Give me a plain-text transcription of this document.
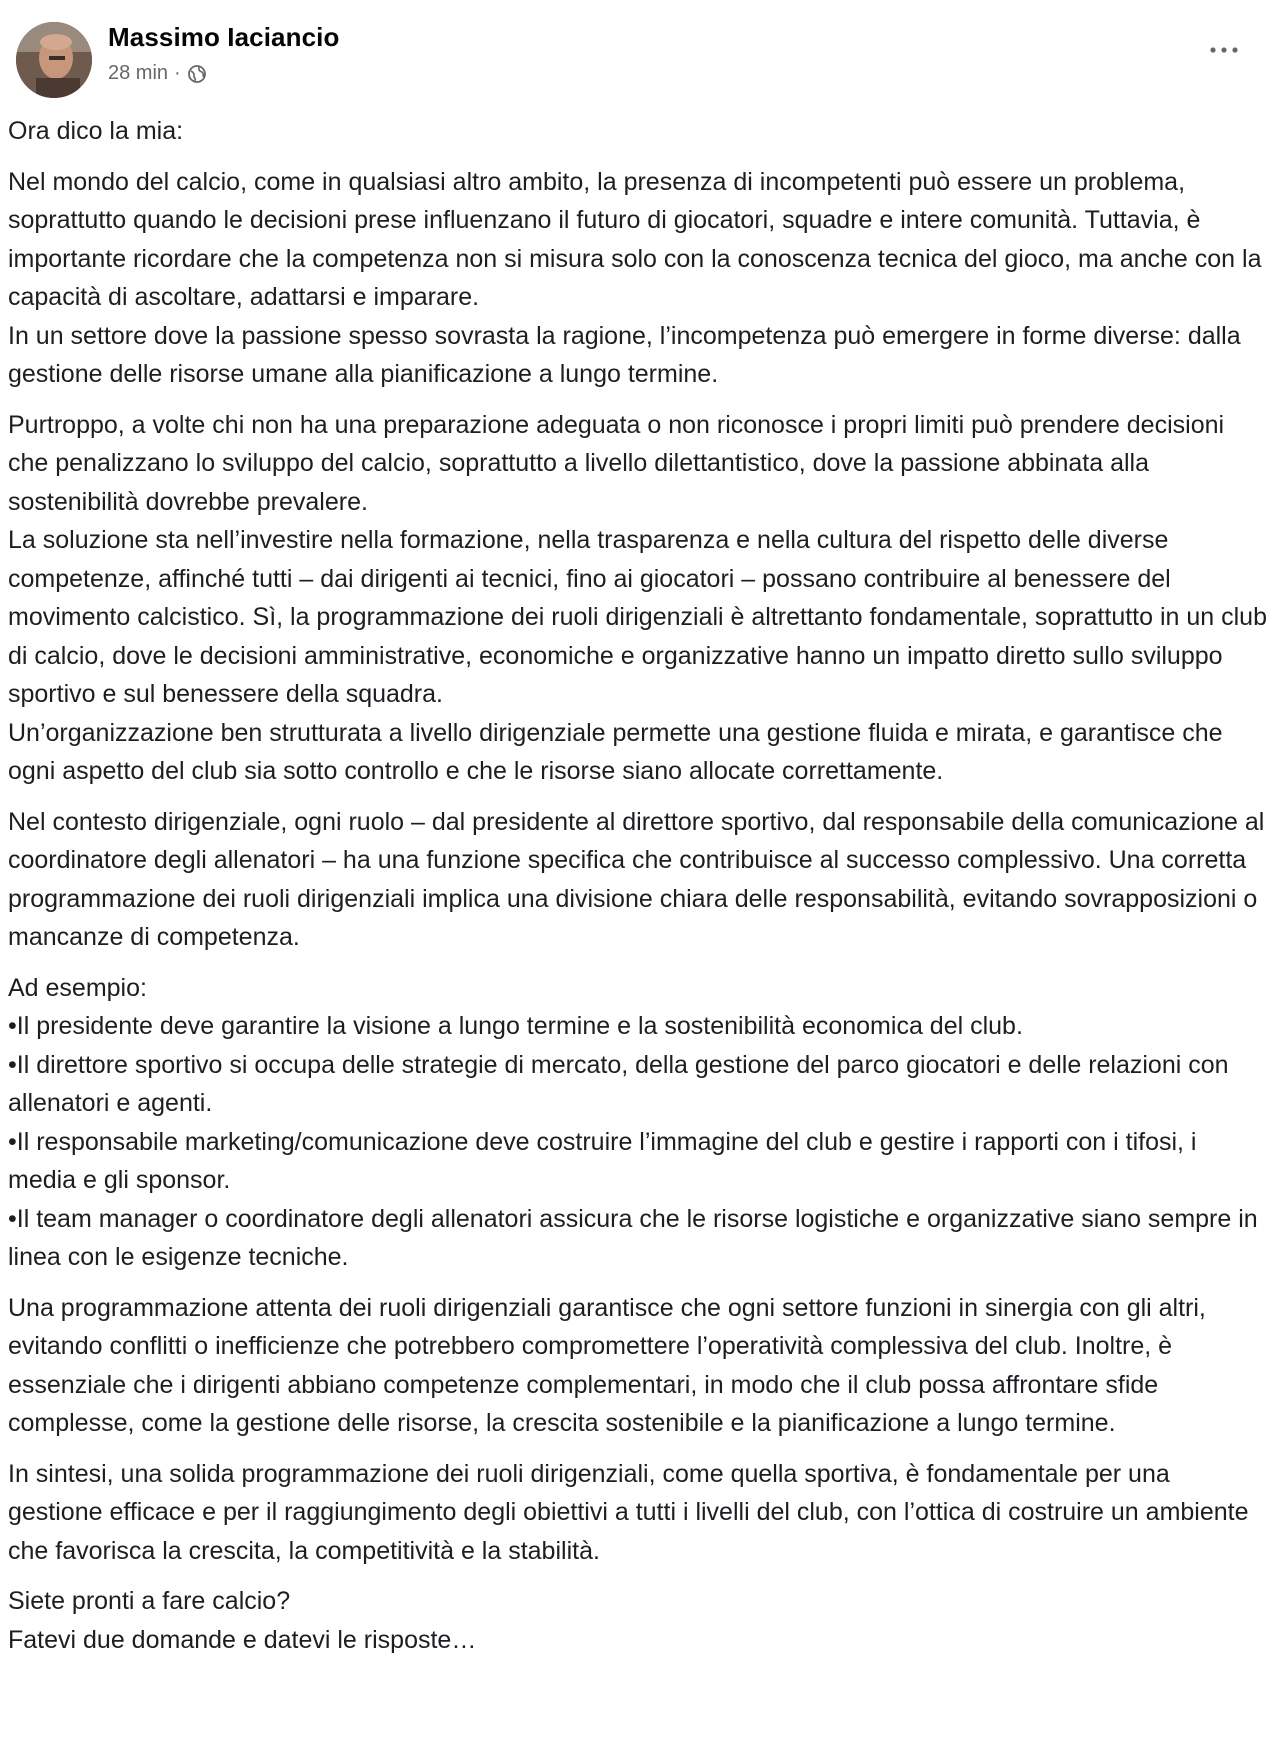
Massimo Iaciancio
28 min ·

Ora dico la mia:

Nel mondo del calcio, come in qualsiasi altro ambito, la presenza di incompetenti può essere un problema, soprattutto quando le decisioni prese influenzano il futuro di giocatori, squadre e intere comunità. Tuttavia, è importante ricordare che la competenza non si misura solo con la conoscenza tecnica del gioco, ma anche con la capacità di ascoltare, adattarsi e imparare.
In un settore dove la passione spesso sovrasta la ragione, l’incompetenza può emergere in forme diverse: dalla gestione delle risorse umane alla pianificazione a lungo termine.

Purtroppo, a volte chi non ha una preparazione adeguata o non riconosce i propri limiti può prendere decisioni che penalizzano lo sviluppo del calcio, soprattutto a livello dilettantistico, dove la passione abbinata alla sostenibilità dovrebbe prevalere.
La soluzione sta nell’investire nella formazione, nella trasparenza e nella cultura del rispetto delle diverse competenze, affinché tutti – dai dirigenti ai tecnici, fino ai giocatori – possano contribuire al benessere del movimento calcistico. Sì, la programmazione dei ruoli dirigenziali è altrettanto fondamentale, soprattutto in un club di calcio, dove le decisioni amministrative, economiche e organizzative hanno un impatto diretto sullo sviluppo sportivo e sul benessere della squadra.
Un’organizzazione ben strutturata a livello dirigenziale permette una gestione fluida e mirata, e garantisce che ogni aspetto del club sia sotto controllo e che le risorse siano allocate correttamente.

Nel contesto dirigenziale, ogni ruolo – dal presidente al direttore sportivo, dal responsabile della comunicazione al coordinatore degli allenatori – ha una funzione specifica che contribuisce al successo complessivo. Una corretta programmazione dei ruoli dirigenziali implica una divisione chiara delle responsabilità, evitando sovrapposizioni o mancanze di competenza.

Ad esempio:
•Il presidente deve garantire la visione a lungo termine e la sostenibilità economica del club.
•Il direttore sportivo si occupa delle strategie di mercato, della gestione del parco giocatori e delle relazioni con allenatori e agenti.
•Il responsabile marketing/comunicazione deve costruire l’immagine del club e gestire i rapporti con i tifosi, i media e gli sponsor.
•Il team manager o coordinatore degli allenatori assicura che le risorse logistiche e organizzative siano sempre in linea con le esigenze tecniche.

Una programmazione attenta dei ruoli dirigenziali garantisce che ogni settore funzioni in sinergia con gli altri, evitando conflitti o inefficienze che potrebbero compromettere l’operatività complessiva del club. Inoltre, è essenziale che i dirigenti abbiano competenze complementari, in modo che il club possa affrontare sfide complesse, come la gestione delle risorse, la crescita sostenibile e la pianificazione a lungo termine.

In sintesi, una solida programmazione dei ruoli dirigenziali, come quella sportiva, è fondamentale per una gestione efficace e per il raggiungimento degli obiettivi a tutti i livelli del club, con l’ottica di costruire un ambiente che favorisca la crescita, la competitività e la stabilità.

Siete pronti a fare calcio?
Fatevi due domande e datevi le risposte…
